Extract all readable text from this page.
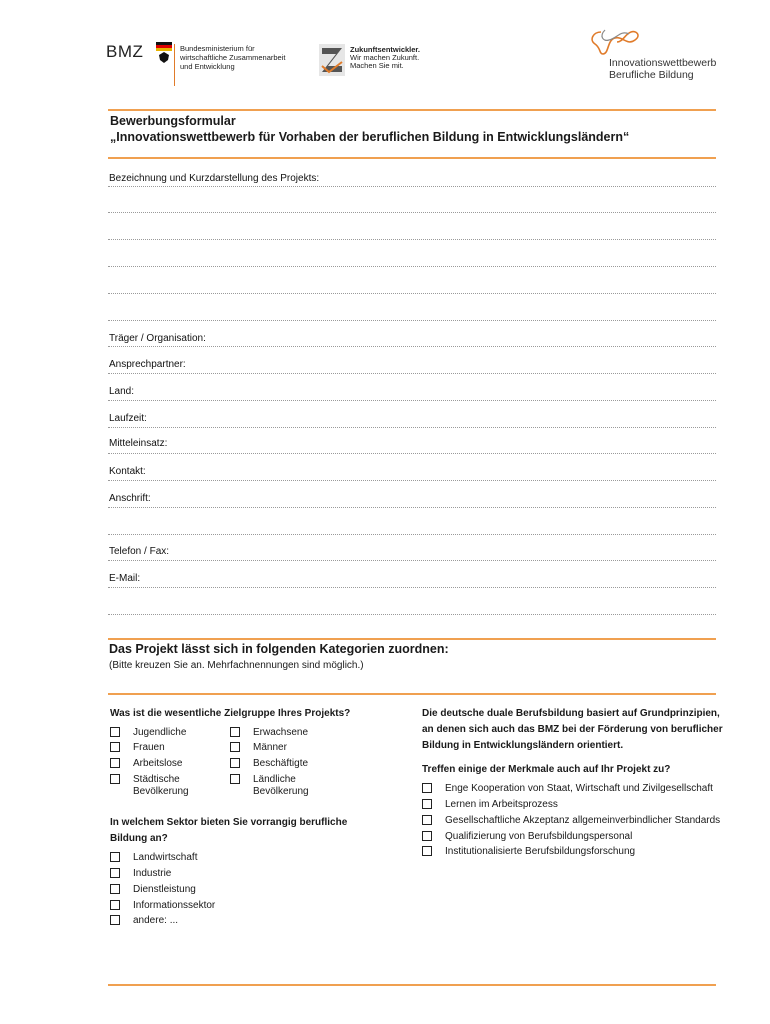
BMZ	Bundesministerium für
wirtschaftliche Zusammenarbeit
und Entwicklung
Zukunftsentwickler.
Wir machen Zukunft.
Machen Sie mit.	Innovationswettbewerb
Berufliche Bildung
Bewerbungsformular
„Innovationswettbewerb für Vorhaben der beruflichen Bildung in Entwicklungsländern“
Bezeichnung und Kurzdarstellung des Projekts:
Träger / Organisation:
Ansprechpartner:
Land:
Laufzeit:
Mitteleinsatz:
Kontakt:
Anschrift:
Telefon / Fax:
E-Mail:
Das Projekt lässt sich in folgenden Kategorien zuordnen:
(Bitte kreuzen Sie an. Mehrfachnennungen sind möglich.)
Was ist die wesentliche Zielgruppe Ihres Projekts?
Jugendliche
Frauen
Arbeitslose
Städtische
Bevölkerung
Erwachsene
Männer
Beschäftigte
Ländliche
Bevölkerung
In welchem Sektor bieten Sie vorrangig berufliche
Bildung an?
Landwirtschaft
Industrie
Dienstleistung
Informationssektor
andere: ...
Die deutsche duale Berufsbildung basiert auf Grundprinzipien,
an denen sich auch das BMZ bei der Förderung von beruflicher
Bildung in Entwicklungsländern orientiert.
Treffen einige der Merkmale auch auf Ihr Projekt zu?
Enge Kooperation von Staat, Wirtschaft und Zivilgesellschaft
Lernen im Arbeitsprozess
Gesellschaftliche Akzeptanz allgemeinverbindlicher Standards
Qualifizierung von Berufsbildungspersonal
Institutionalisierte Berufsbildungsforschung
